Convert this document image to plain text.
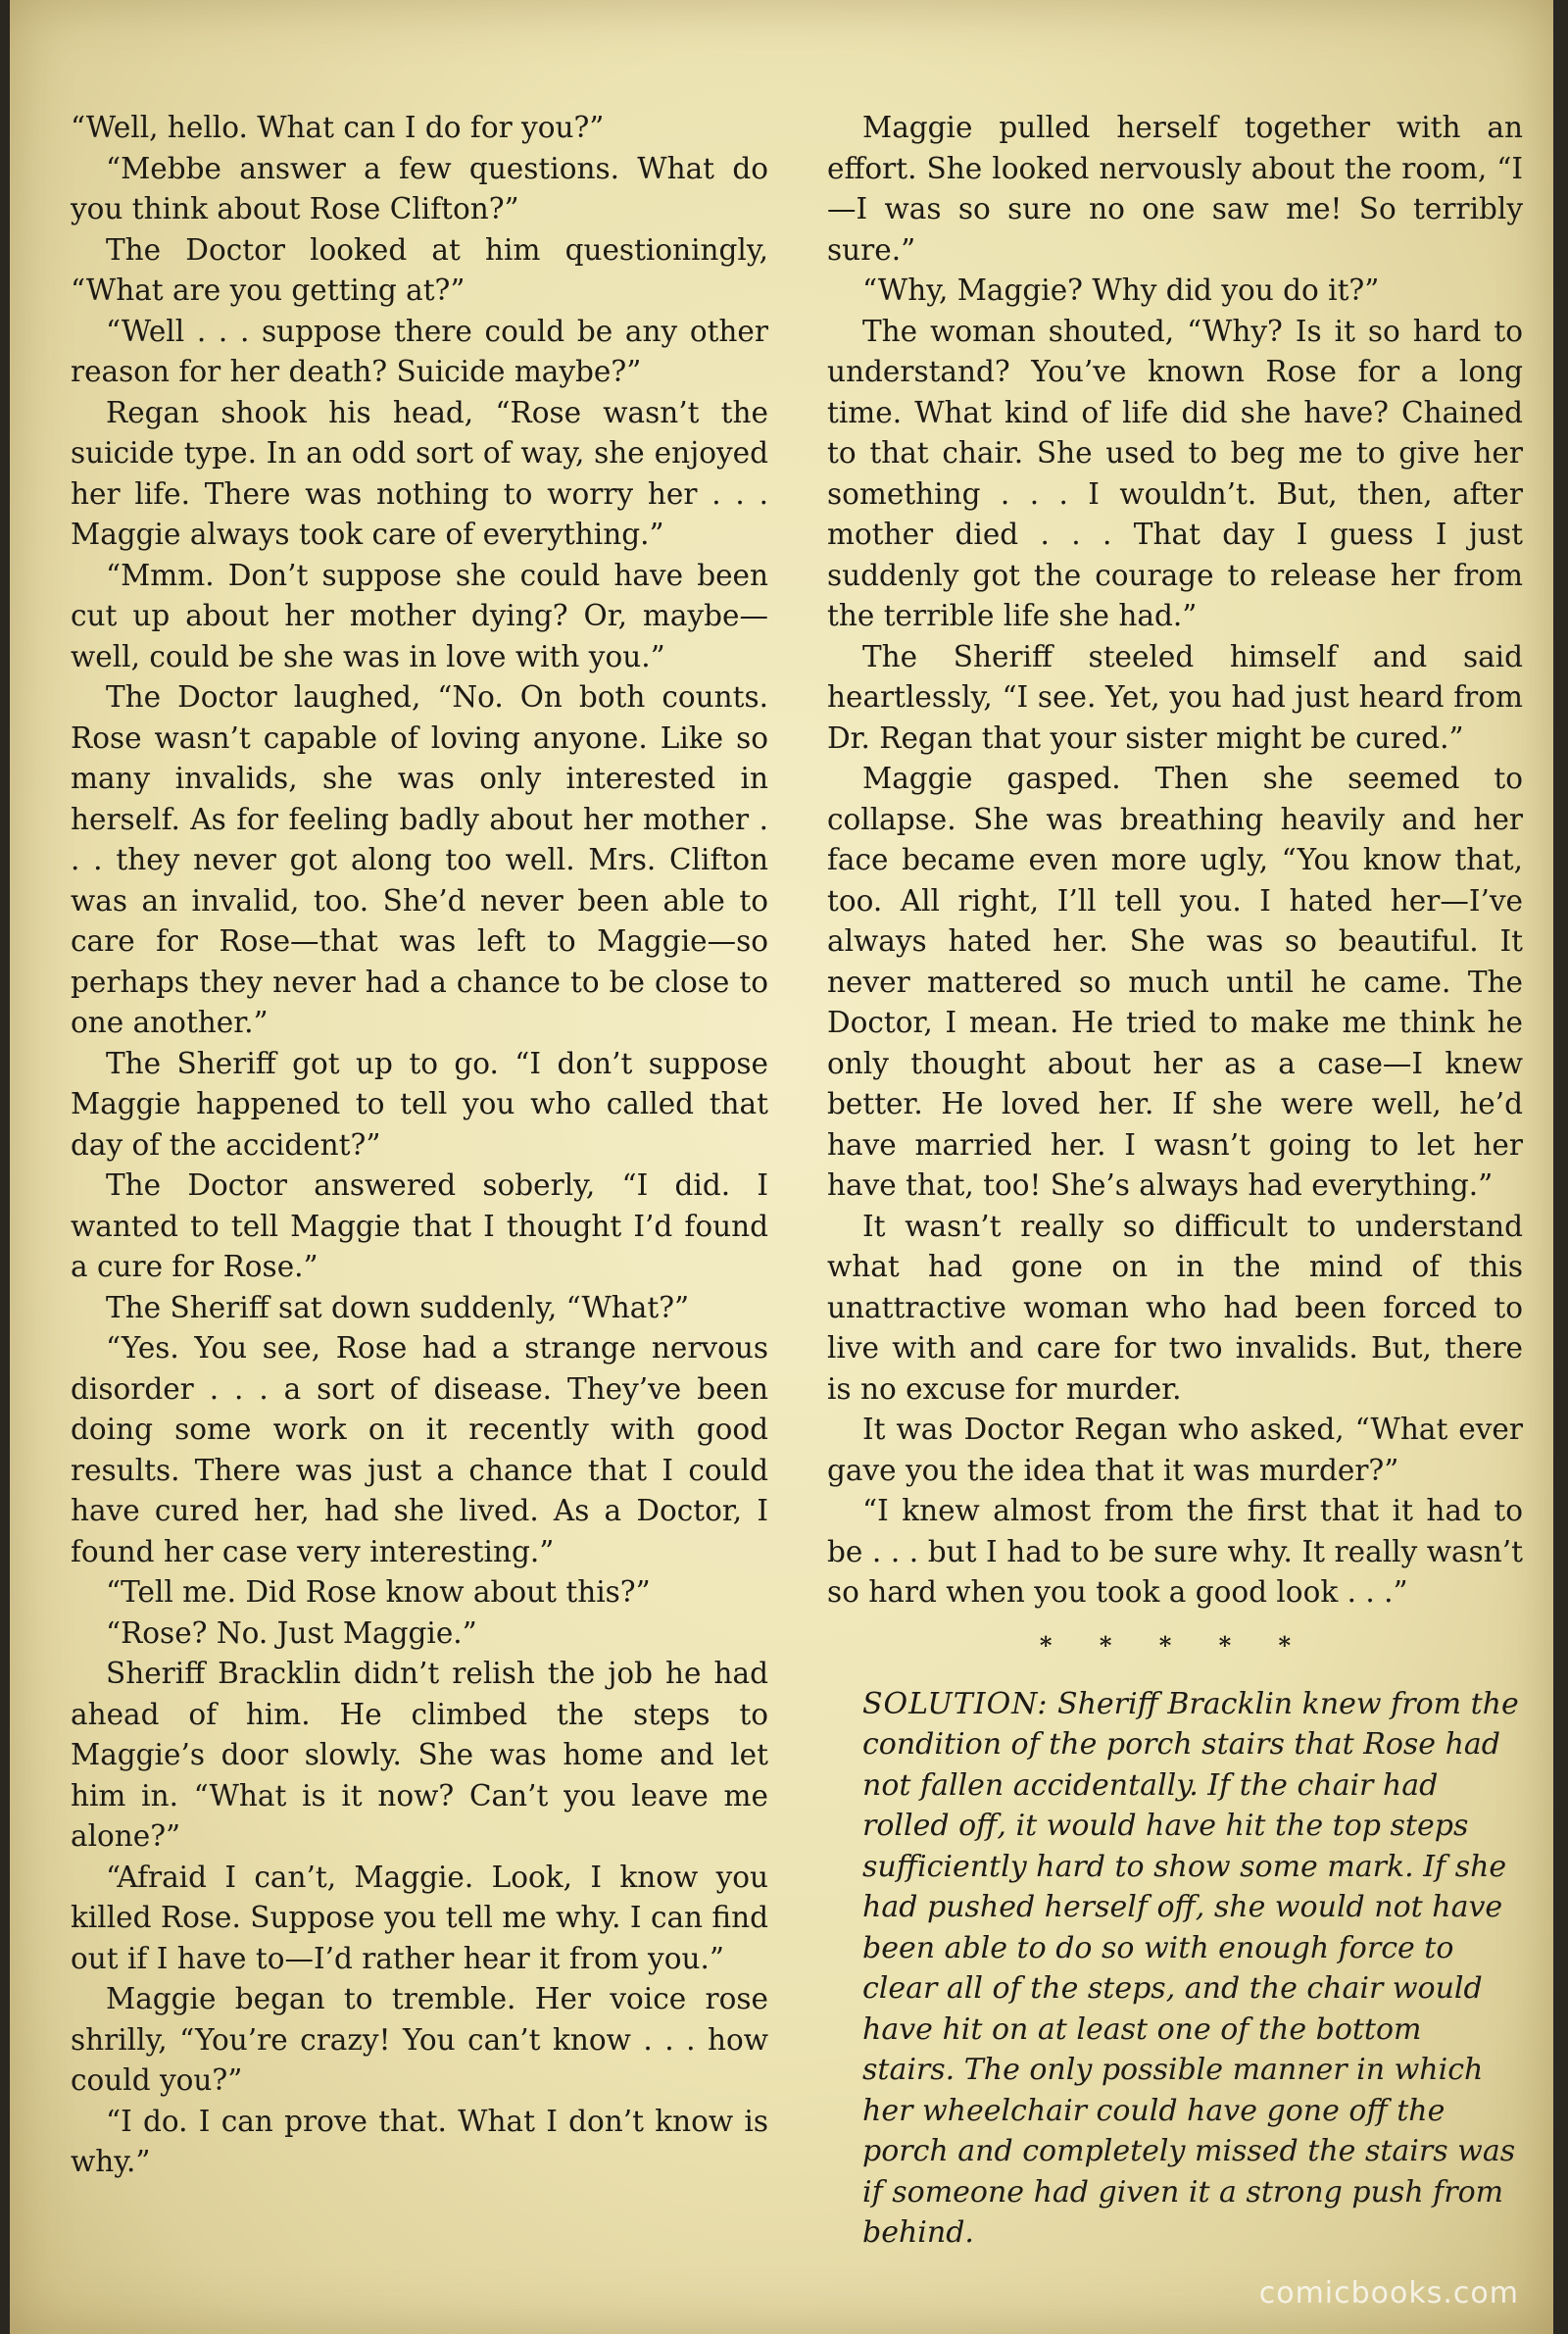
“Well, hello. What can I do for you?”

“Mebbe answer a few questions. What do you think about Rose Clifton?”

The Doctor looked at him questioningly, “What are you getting at?”

“Well . . . suppose there could be any other reason for her death? Suicide maybe?”

Regan shook his head, “Rose wasn’t the suicide type. In an odd sort of way, she enjoyed her life. There was nothing to worry her . . . Maggie always took care of everything.”

“Mmm. Don’t suppose she could have been cut up about her mother dying? Or, maybe—well, could be she was in love with you.”

The Doctor laughed, “No. On both counts. Rose wasn’t capable of loving anyone. Like so many invalids, she was only interested in herself. As for feeling badly about her mother . . . they never got along too well. Mrs. Clifton was an invalid, too. She’d never been able to care for Rose—that was left to Maggie—so perhaps they never had a chance to be close to one another.”

The Sheriff got up to go. “I don’t suppose Maggie happened to tell you who called that day of the accident?”

The Doctor answered soberly, “I did. I wanted to tell Maggie that I thought I’d found a cure for Rose.”

The Sheriff sat down suddenly, “What?”

“Yes. You see, Rose had a strange nervous disorder . . . a sort of disease. They’ve been doing some work on it recently with good results. There was just a chance that I could have cured her, had she lived. As a Doctor, I found her case very interesting.”

“Tell me. Did Rose know about this?”

“Rose? No. Just Maggie.”

Sheriff Bracklin didn’t relish the job he had ahead of him. He climbed the steps to Maggie’s door slowly. She was home and let him in. “What is it now? Can’t you leave me alone?”

“Afraid I can’t, Maggie. Look, I know you killed Rose. Suppose you tell me why. I can find out if I have to—I’d rather hear it from you.”

Maggie began to tremble. Her voice rose shrilly, “You’re crazy! You can’t know . . . how could you?”

“I do. I can prove that. What I don’t know is why.”

Maggie pulled herself together with an effort. She looked nervously about the room, “I—I was so sure no one saw me! So terribly sure.”

“Why, Maggie? Why did you do it?”

The woman shouted, “Why? Is it so hard to understand? You’ve known Rose for a long time. What kind of life did she have? Chained to that chair. She used to beg me to give her something . . . I wouldn’t. But, then, after mother died . . . That day I guess I just suddenly got the courage to release her from the terrible life she had.”

The Sheriff steeled himself and said heartlessly, “I see. Yet, you had just heard from Dr. Regan that your sister might be cured.”

Maggie gasped. Then she seemed to collapse. She was breathing heavily and her face became even more ugly, “You know that, too. All right, I’ll tell you. I hated her—I’ve always hated her. She was so beautiful. It never mattered so much until he came. The Doctor, I mean. He tried to make me think he only thought about her as a case—I knew better. He loved her. If she were well, he’d have married her. I wasn’t going to let her have that, too! She’s always had everything.”

It wasn’t really so difficult to understand what had gone on in the mind of this unattractive woman who had been forced to live with and care for two invalids. But, there is no excuse for murder.

It was Doctor Regan who asked, “What ever gave you the idea that it was murder?”

“I knew almost from the first that it had to be . . . but I had to be sure why. It really wasn’t so hard when you took a good look . . .”

* * * * *

SOLUTION: Sheriff Bracklin knew from the condition of the porch stairs that Rose had not fallen accidentally. If the chair had rolled off, it would have hit the top steps sufficiently hard to show some mark. If she had pushed herself off, she would not have been able to do so with enough force to clear all of the steps, and the chair would have hit on at least one of the bottom stairs. The only possible manner in which her wheelchair could have gone off the porch and completely missed the stairs was if someone had given it a strong push from behind.

comicbooks.com
